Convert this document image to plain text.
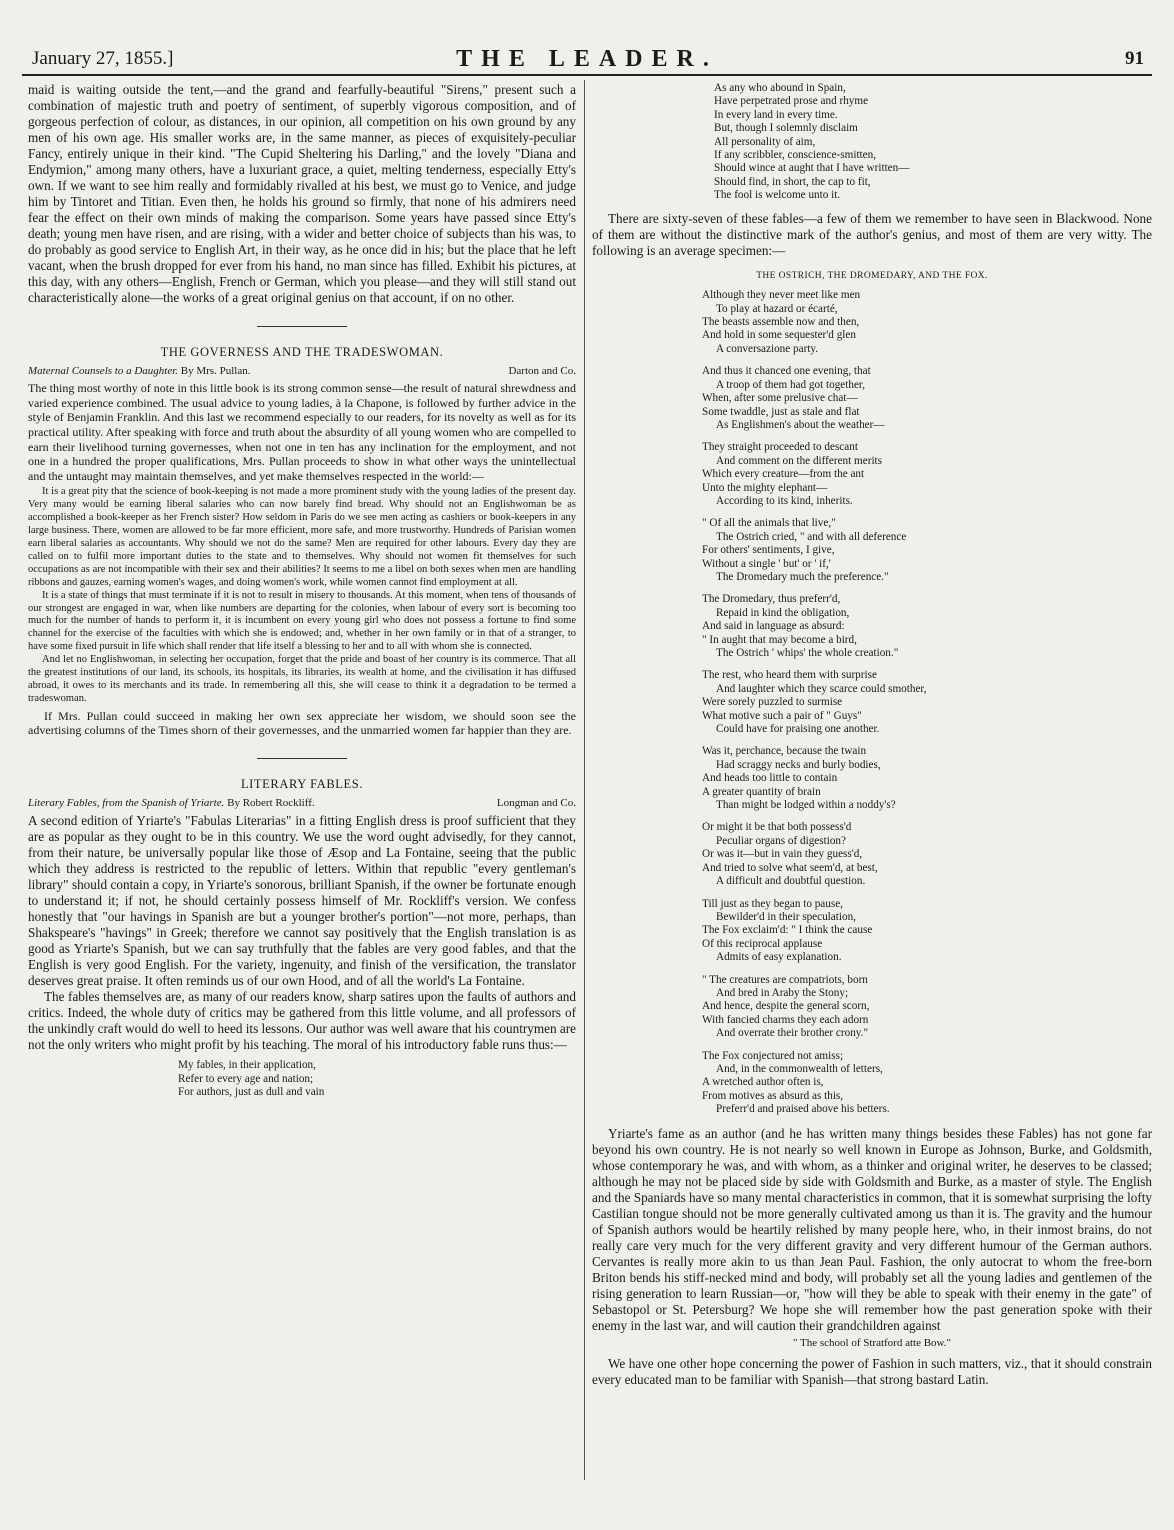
January 27, 1855.]	THE LEADER.	91

maid is waiting outside the tent,—and the grand and fearfully-beautiful "Sirens," present such a combination of majestic truth and poetry of sentiment, of superbly vigorous composition, and of gorgeous perfection of colour, as distances, in our opinion, all competition on his own ground by any men of his own age. His smaller works are, in the same manner, as pieces of exquisitely-peculiar Fancy, entirely unique in their kind. "The Cupid Sheltering his Darling," and the lovely "Diana and Endymion," among many others, have a luxuriant grace, a quiet, melting tenderness, especially Etty's own. If we want to see him really and formidably rivalled at his best, we must go to Venice, and judge him by Tintoret and Titian. Even then, he holds his ground so firmly, that none of his admirers need fear the effect on their own minds of making the comparison. Some years have passed since Etty's death; young men have risen, and are rising, with a wider and better choice of subjects than his was, to do probably as good service to English Art, in their way, as he once did in his; but the place that he left vacant, when the brush dropped for ever from his hand, no man since has filled. Exhibit his pictures, at this day, with any others—English, French or German, which you please—and they will still stand out characteristically alone—the works of a great original genius on that account, if on no other.

THE GOVERNESS AND THE TRADESWOMAN.
Maternal Counsels to a Daughter. By Mrs. Pullan.	Darton and Co.

The thing most worthy of note in this little book is its strong common sense—the result of natural shrewdness and varied experience combined. The usual advice to young ladies, à la Chapone, is followed by further advice in the style of Benjamin Franklin. And this last we recommend especially to our readers, for its novelty as well as for its practical utility. After speaking with force and truth about the absurdity of all young women who are compelled to earn their livelihood turning governesses, when not one in ten has any inclination for the employment, and not one in a hundred the proper qualifications, Mrs. Pullan proceeds to show in what other ways the unintellectual and the untaught may maintain themselves, and yet make themselves respected in the world:—

It is a great pity that the science of book-keeping is not made a more prominent study with the young ladies of the present day. Very many would be earning liberal salaries who can now barely find bread. Why should not an Englishwoman be as accomplished a book-keeper as her French sister? How seldom in Paris do we see men acting as cashiers or book-keepers in any large business. There, women are allowed to be far more efficient, more safe, and more trustworthy. Hundreds of Parisian women earn liberal salaries as accountants. Why should we not do the same? Men are required for other labours. Every day they are called on to fulfil more important duties to the state and to themselves. Why should not women fit themselves for such occupations as are not incompatible with their sex and their abilities? It seems to me a libel on both sexes when men are handling ribbons and gauzes, earning women's wages, and doing women's work, while women cannot find employment at all.

It is a state of things that must terminate if it is not to result in misery to thousands. At this moment, when tens of thousands of our strongest are engaged in war, when like numbers are departing for the colonies, when labour of every sort is becoming too much for the number of hands to perform it, it is incumbent on every young girl who does not possess a fortune to find some channel for the exercise of the faculties with which she is endowed; and, whether in her own family or in that of a stranger, to have some fixed pursuit in life which shall render that life itself a blessing to her and to all with whom she is connected.

And let no Englishwoman, in selecting her occupation, forget that the pride and boast of her country is its commerce. That all the greatest institutions of our land, its schools, its hospitals, its libraries, its wealth at home, and the civilisation it has diffused abroad, it owes to its merchants and its trade. In remembering all this, she will cease to think it a degradation to be termed a tradeswoman.

If Mrs. Pullan could succeed in making her own sex appreciate her wisdom, we should soon see the advertising columns of the Times shorn of their governesses, and the unmarried women far happier than they are.

LITERARY FABLES.
Literary Fables, from the Spanish of Yriarte. By Robert Rockliff.	Longman and Co.

A second edition of Yriarte's "Fabulas Literarias" in a fitting English dress is proof sufficient that they are as popular as they ought to be in this country. We use the word ought advisedly, for they cannot, from their nature, be universally popular like those of Æsop and La Fontaine, seeing that the public which they address is restricted to the republic of letters. Within that republic "every gentleman's library" should contain a copy, in Yriarte's sonorous, brilliant Spanish, if the owner be fortunate enough to understand it; if not, he should certainly possess himself of Mr. Rockliff's version. We confess honestly that "our havings in Spanish are but a younger brother's portion"—not more, perhaps, than Shakspeare's "havings" in Greek; therefore we cannot say positively that the English translation is as good as Yriarte's Spanish, but we can say truthfully that the fables are very good fables, and that the English is very good English. For the variety, ingenuity, and finish of the versification, the translator deserves great praise. It often reminds us of our own Hood, and of all the world's La Fontaine.

The fables themselves are, as many of our readers know, sharp satires upon the faults of authors and critics. Indeed, the whole duty of critics may be gathered from this little volume, and all professors of the unkindly craft would do well to heed its lessons. Our author was well aware that his countrymen are not the only writers who might profit by his teaching. The moral of his introductory fable runs thus:—

My fables, in their application,
Refer to every age and nation;
For authors, just as dull and vain
As any who abound in Spain,
Have perpetrated prose and rhyme
In every land in every time.
But, though I solemnly disclaim
All personality of aim,
If any scribbler, conscience-smitten,
Should wince at aught that I have written—
Should find, in short, the cap to fit,
The fool is welcome unto it.

There are sixty-seven of these fables—a few of them we remember to have seen in Blackwood. None of them are without the distinctive mark of the author's genius, and most of them are very witty. The following is an average specimen:—

THE OSTRICH, THE DROMEDARY, AND THE FOX.
Although they never meet like men
To play at hazard or écarté,
The beasts assemble now and then,
And hold in some sequester'd glen
A conversazione party.
And thus it chanced one evening, that
A troop of them had got together,
When, after some prelusive chat—
Some twaddle, just as stale and flat
As Englishmen's about the weather—
They straight proceeded to descant
And comment on the different merits
Which every creature—from the ant
Unto the mighty elephant—
According to its kind, inherits.
" Of all the animals that live,"
The Ostrich cried, " and with all deference
For others' sentiments, I give,
Without a single ' but' or ' if,'
The Dromedary much the preference."
The Dromedary, thus preferr'd,
Repaid in kind the obligation,
And said in language as absurd:
" In aught that may become a bird,
The Ostrich ' whips' the whole creation."
The rest, who heard them with surprise
And laughter which they scarce could smother,
Were sorely puzzled to surmise
What motive such a pair of " Guys"
Could have for praising one another.
Was it, perchance, because the twain
Had scraggy necks and burly bodies,
And heads too little to contain
A greater quantity of brain
Than might be lodged within a noddy's?
Or might it be that both possess'd
Peculiar organs of digestion?
Or was it—but in vain they guess'd,
And tried to solve what seem'd, at best,
A difficult and doubtful question.
Till just as they began to pause,
Bewilder'd in their speculation,
The Fox exclaim'd: " I think the cause
Of this reciprocal applause
Admits of easy explanation.
" The creatures are compatriots, born
And bred in Araby the Stony;
And hence, despite the general scorn,
With fancied charms they each adorn
And overrate their brother crony."
The Fox conjectured not amiss;
And, in the commonwealth of letters,
A wretched author often is,
From motives as absurd as this,
Preferr'd and praised above his betters.

Yriarte's fame as an author (and he has written many things besides these Fables) has not gone far beyond his own country. He is not nearly so well known in Europe as Johnson, Burke, and Goldsmith, whose contemporary he was, and with whom, as a thinker and original writer, he deserves to be classed; although he may not be placed side by side with Goldsmith and Burke, as a master of style. The English and the Spaniards have so many mental characteristics in common, that it is somewhat surprising the lofty Castilian tongue should not be more generally cultivated among us than it is. The gravity and the humour of Spanish authors would be heartily relished by many people here, who, in their inmost brains, do not really care very much for the very different gravity and very different humour of the German authors. Cervantes is really more akin to us than Jean Paul. Fashion, the only autocrat to whom the free-born Briton bends his stiff-necked mind and body, will probably set all the young ladies and gentlemen of the rising generation to learn Russian—or, "how will they be able to speak with their enemy in the gate" of Sebastopol or St. Petersburg? We hope she will remember how the past generation spoke with their enemy in the last war, and will caution their grandchildren against

" The school of Stratford atte Bow."

We have one other hope concerning the power of Fashion in such matters, viz., that it should constrain every educated man to be familiar with Spanish—that strong bastard Latin.
